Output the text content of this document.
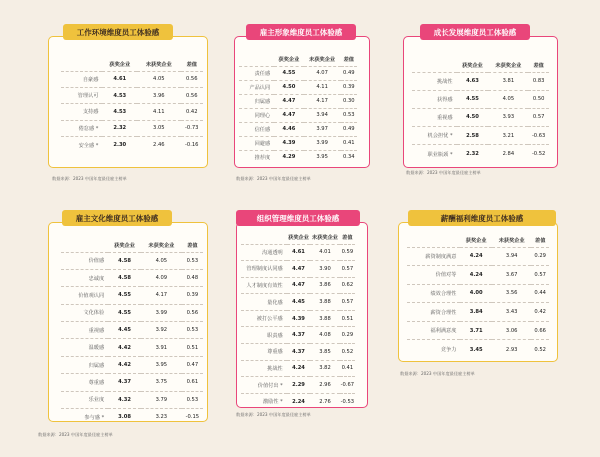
工作环境维度员工体验感
	获奖企业	未获奖企业	差值
自豪感	4.61	4.05	0.56
管理认可	4.53	3.96	0.56
支持感	4.53	4.11	0.42
倦怠感 *	2.32	3.05	-0.73
安全感 *	2.30	2.46	-0.16
数据来源：2023 中国年度最佳雇主榜单
雇主形象维度员工体验感
	获奖企业	未获奖企业	差值
责任感	4.55	4.07	0.49
产品认同	4.50	4.11	0.39
归属感	4.47	4.17	0.30
同理心	4.47	3.94	0.53
信任感	4.46	3.97	0.49
回避感	4.39	3.99	0.41
推荐度	4.29	3.95	0.34
数据来源：2023 中国年度最佳雇主榜单
成长发展维度员工体验感
	获奖企业	未获奖企业	差值
挑战性	4.63	3.81	0.83
获得感	4.55	4.05	0.50
重视感	4.50	3.93	0.57
机会担忧 *	2.58	3.21	-0.63
职业瓶颈 *	2.32	2.84	-0.52
数据来源：2023 中国年度最佳雇主榜单
雇主文化维度员工体验感
	获奖企业	未获奖企业	差值
价值感	4.58	4.05	0.53
忠诚度	4.58	4.09	0.48
价值观认同	4.55	4.17	0.39
文化体验	4.55	3.99	0.56
重视感	4.45	3.92	0.53
温暖感	4.42	3.91	0.51
归属感	4.42	3.95	0.47
尊重感	4.37	3.75	0.61
乐业度	4.32	3.79	0.53
参与感 *	3.08	3.23	-0.15
数据来源：2023 中国年度最佳雇主榜单
组织管理维度员工体验感
	获奖企业	未获奖企业	差值
沟通透明	4.61	4.01	0.59
管理制度认同感	4.47	3.90	0.57
人才制度有效性	4.47	3.86	0.62
量化感	4.45	3.88	0.57
被打公平感	4.39	3.88	0.51
职责感	4.37	4.08	0.29
尊重感	4.37	3.85	0.52
挑战性	4.24	3.82	0.41
价值付出 *	2.29	2.96	-0.67
激励性 *	2.24	2.76	-0.53
数据来源：2023 中国年度最佳雇主榜单
薪酬福利维度员工体验感
	获奖企业	未获奖企业	差值
薪资制度满意	4.24	3.94	0.29
价值对等	4.24	3.67	0.57
绩效合理性	4.00	3.56	0.44
薪资合理性	3.84	3.43	0.42
福利满意度	3.71	3.06	0.66
竞争力	3.45	2.93	0.52
数据来源：2023 中国年度最佳雇主榜单
